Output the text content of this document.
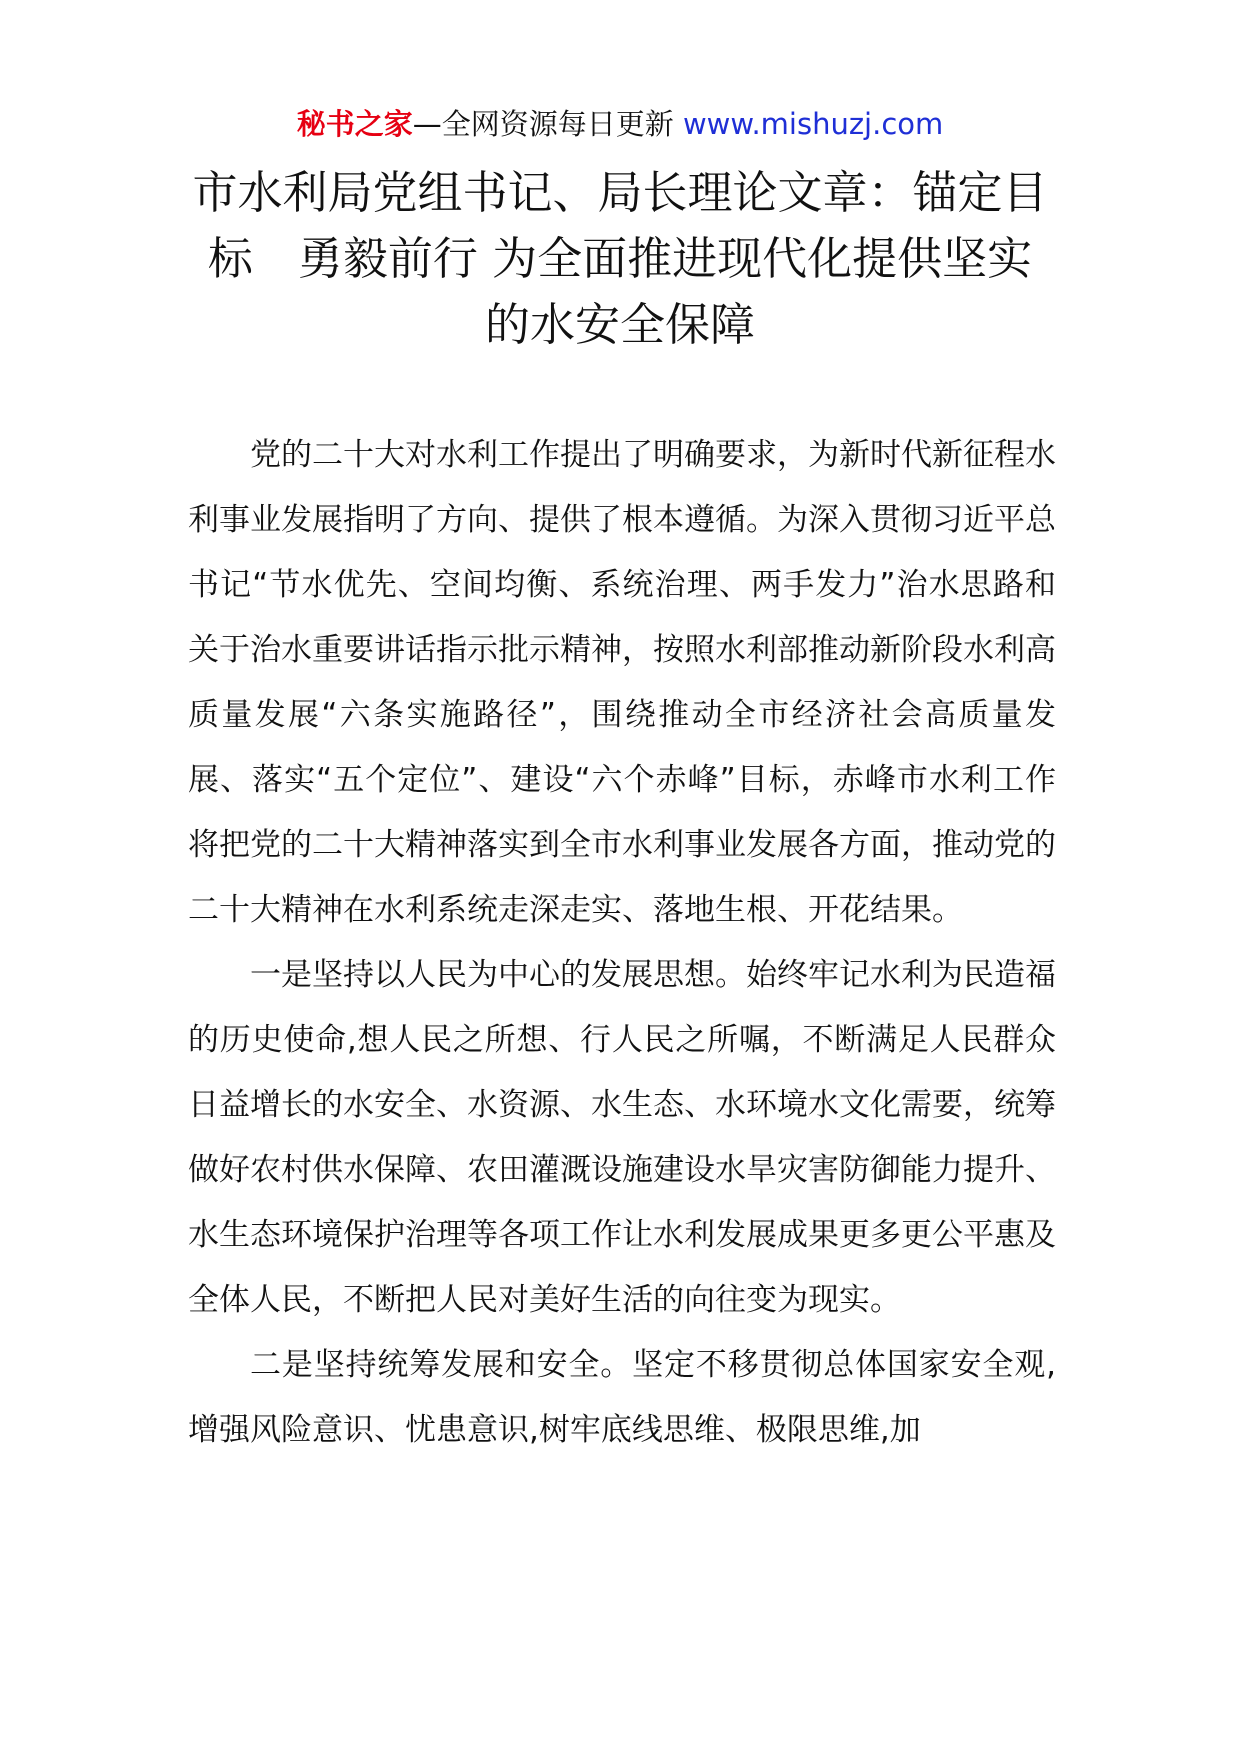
秘书之家—全网资源每日更新 www.mishuzj.com
市水利局党组书记、局长理论文章：锚定目标　勇毅前行 为全面推进现代化提供坚实的水安全保障

党的二十大对水利工作提出了明确要求，为新时代新征程水利事业发展指明了方向、提供了根本遵循。为深入贯彻习近平总书记“节水优先、空间均衡、系统治理、两手发力”治水思路和关于治水重要讲话指示批示精神，按照水利部推动新阶段水利高质量发展“六条实施路径”，围绕推动全市经济社会高质量发展、落实“五个定位”、建设“六个赤峰”目标，赤峰市水利工作将把党的二十大精神落实到全市水利事业发展各方面，推动党的二十大精神在水利系统走深走实、落地生根、开花结果。

一是坚持以人民为中心的发展思想。始终牢记水利为民造福的历史使命,想人民之所想、行人民之所嘱，不断满足人民群众日益增长的水安全、水资源、水生态、水环境水文化需要，统筹做好农村供水保障、农田灌溉设施建设水旱灾害防御能力提升、水生态环境保护治理等各项工作让水利发展成果更多更公平惠及全体人民，不断把人民对美好生活的向往变为现实。

二是坚持统筹发展和安全。坚定不移贯彻总体国家安全观,增强风险意识、忧患意识,树牢底线思维、极限思维,加
